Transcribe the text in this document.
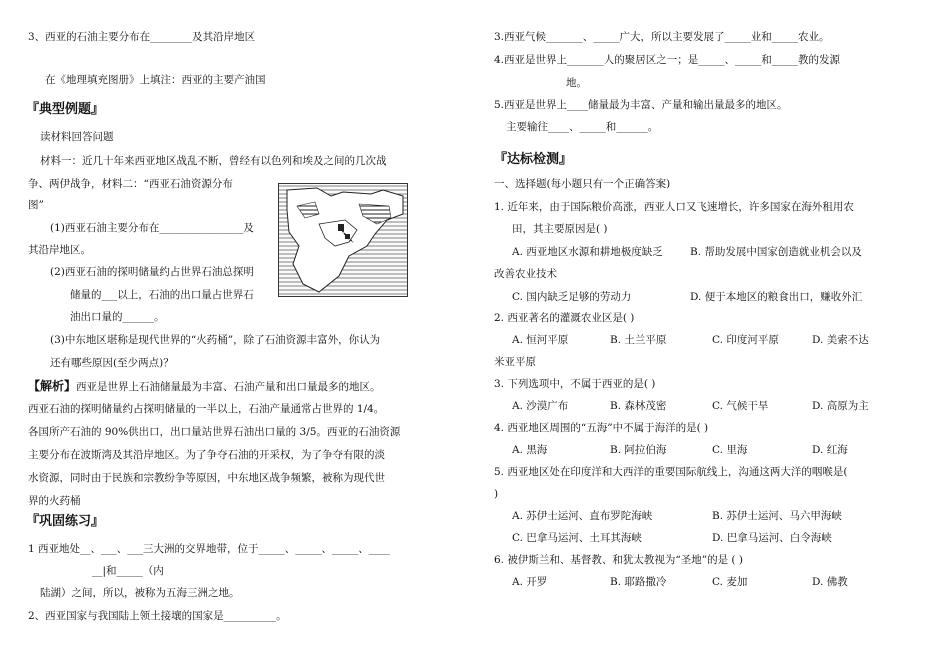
3、西亚的石油主要分布在________及其沿岸地区
在《地理填充图册》上填注：西亚的主要产油国
『典型例题』
读材料回答问题
材料一：近几十年来西亚地区战乱不断，曾经有以色列和埃及之间的几次战
争、两伊战争，材料二：“西亚石油资源分布
图”
(1)西亚石油主要分布在________________及
其沿岸地区。
(2)西亚石油的探明储量约占世界石油总探明
储量的___以上，石油的出口量占世界石
油出口量的______。
(3)中东地区堪称是现代世界的“火药桶”，除了石油资源丰富外，你认为
还有哪些原因(至少两点)？
【解析】西亚是世界上石油储量最为丰富、石油产量和出口量最多的地区。
西亚石油的探明储量约占探明储量的一半以上，石油产量通常占世界的 1/4。
各国所产石油的 90%供出口，出口量站世界石油出口量的 3/5。西亚的石油资源
主要分布在波斯湾及其沿岸地区。为了争夺石油的开采权，为了争夺有限的淡
水资源，同时由于民族和宗教纷争等原因，中东地区战争频繁，被称为现代世
界的火药桶
『巩固练习』
1 西亚地处__、___、___三大洲的交界地带，位于_____、_____、_____、____
__|和_____（内
陆湖）之间，所以，被称为五海三洲之地。
2、西亚国家与我国陆上领土接壤的国家是__________。
3.西亚气候_______、_____广大，所以主要发展了_____业和_____农业。
4.西亚是世界上_______人的聚居区之一；是_____、_____和_____教的发源
地。
5.西亚是世界上____储量最为丰富、产量和输出量最多的地区。
主要输往____、_____和______。
『达标检测』
一、选择题(每小题只有一个正确答案)
1. 近年来，由于国际粮价高涨，西亚人口又飞速增长，许多国家在海外租用农
田，其主要原因是( )
A. 西亚地区水源和耕地极度缺乏	B. 帮助发展中国家创造就业机会以及
改善农业技术
C. 国内缺乏足够的劳动力	D. 便于本地区的粮食出口，赚收外汇
2. 西亚著名的灌溉农业区是( )
A. 恒河平原	B. 土兰平原	C. 印度河平原	D. 美索不达
米亚平原
3. 下列选项中，不属于西亚的是( )
A. 沙漠广布	B. 森林茂密	C. 气候干旱	D. 高原为主
4. 西亚地区周围的“五海”中不属于海洋的是( )
A. 黑海	B. 阿拉伯海	C. 里海	D. 红海
5. 西亚地区处在印度洋和大西洋的重要国际航线上，沟通这两大洋的咽喉是(
)
A. 苏伊士运河、直布罗陀海峡	B. 苏伊士运河、马六甲海峡
C. 巴拿马运河、土耳其海峡	D. 巴拿马运河、白令海峡
6. 被伊斯兰和、基督教、和犹太教视为“圣地”的是 ( )
A. 开罗	B. 耶路撒冷	C. 麦加	D. 佛教
